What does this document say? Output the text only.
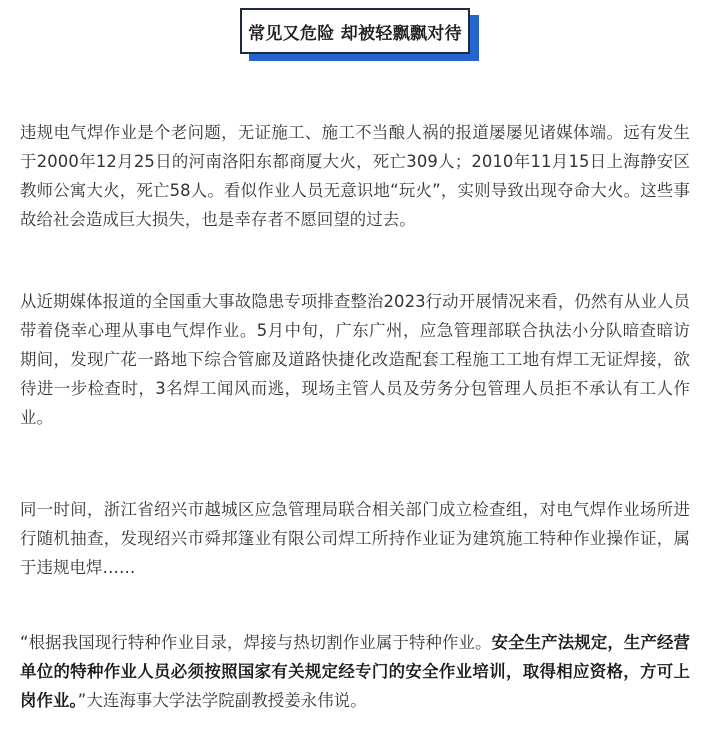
常见又危险 却被轻飘飘对待

违规电气焊作业是个老问题，无证施工、施工不当酿人祸的报道屡屡见诸媒体端。远有发生于2000年12月25日的河南洛阳东都商厦大火，死亡309人；2010年11月15日上海静安区教师公寓大火，死亡58人。看似作业人员无意识地“玩火”，实则导致出现夺命大火。这些事故给社会造成巨大损失，也是幸存者不愿回望的过去。

从近期媒体报道的全国重大事故隐患专项排查整治2023行动开展情况来看，仍然有从业人员带着侥幸心理从事电气焊作业。5月中旬，广东广州，应急管理部联合执法小分队暗查暗访期间，发现广花一路地下综合管廊及道路快捷化改造配套工程施工工地有焊工无证焊接，欲待进一步检查时，3名焊工闻风而逃，现场主管人员及劳务分包管理人员拒不承认有工人作业。

同一时间，浙江省绍兴市越城区应急管理局联合相关部门成立检查组，对电气焊作业场所进行随机抽查，发现绍兴市舜邦篷业有限公司焊工所持作业证为建筑施工特种作业操作证，属于违规电焊……

“根据我国现行特种作业目录，焊接与热切割作业属于特种作业。安全生产法规定，生产经营单位的特种作业人员必须按照国家有关规定经专门的安全作业培训，取得相应资格，方可上岗作业。”大连海事大学法学院副教授姜永伟说。
